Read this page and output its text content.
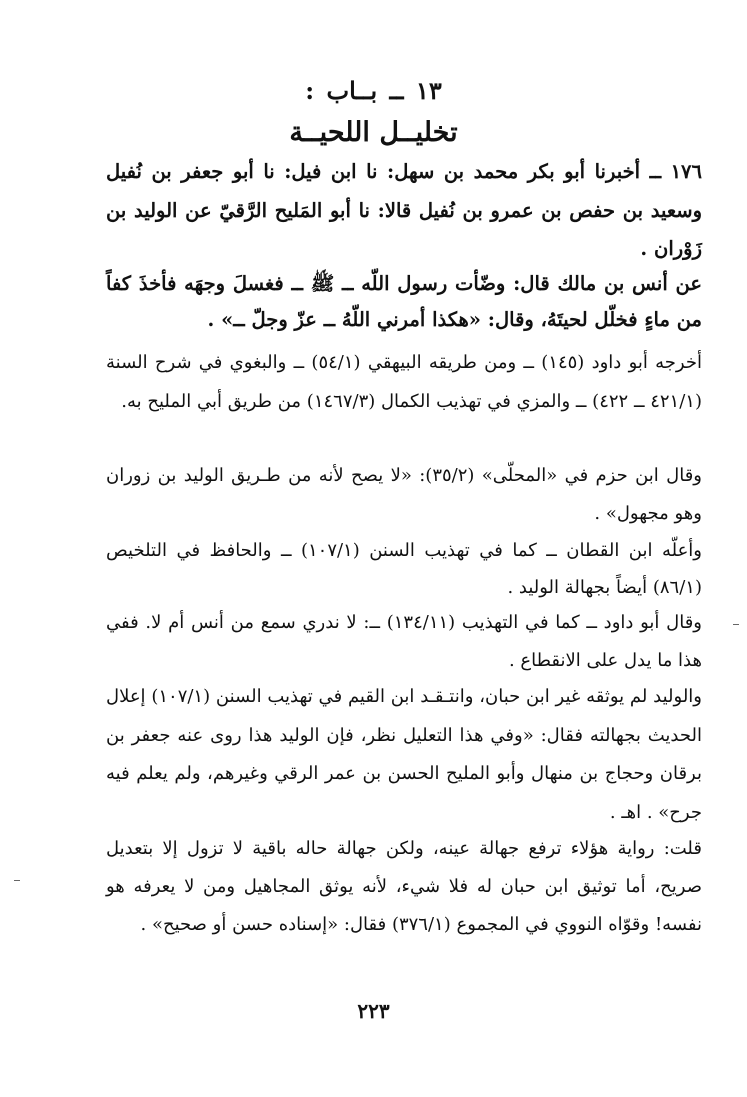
١٣ ــ بــاب :
تخليــل اللحيــة

١٧٦ ــ أخبرنا أبو بكر محمد بن سهل: نا ابن فيل: نا أبو جعفر بن نُفيل وسعيد بن حفص بن عمرو بن نُفيل قالا: نا أبو المَليح الرَّقيّ عن الوليد بن زَوْران .

عن أنس بن مالك قال: وضّأت رسول اللّه ــ ﷺ ــ فغسلَ وجهَه فأخذَ كفاً من ماءٍ فخلّل لحيتَهُ، وقال: «هكذا أمرني اللّهُ ــ عزّ وجلّ ــ» .

أخرجه أبو داود (١٤٥) ــ ومن طريقه البيهقي (٥٤/١) ــ والبغوي في شرح السنة (٤٢١/١ ــ ٤٢٢) ــ والمزي في تهذيب الكمال (١٤٦٧/٣) من طريق أبي المليح به.

وقال ابن حزم في «المحلّى» (٣٥/٢): «لا يصح لأنه من طـريق الوليد بن زوران وهو مجهول» .

وأعلّه ابن القطان ــ كما في تهذيب السنن (١٠٧/١) ــ والحافظ في التلخيص (٨٦/١) أيضاً بجهالة الوليد .

وقال أبو داود ــ كما في التهذيب (١٣٤/١١) ــ: لا ندري سمع من أنس أم لا. ففي هذا ما يدل على الانقطاع .

والوليد لم يوثقه غير ابن حبان، وانتـقـد ابن القيم في تهذيب السنن (١٠٧/١) إعلال الحديث بجهالته فقال: «وفي هذا التعليل نظر، فإن الوليد هذا روى عنه جعفر بن برقان وحجاج بن منهال وأبو المليح الحسن بن عمر الرقي وغيرهم، ولم يعلم فيه جرح» . اهـ .

قلت: رواية هؤلاء ترفع جهالة عينه، ولكن جهالة حاله باقية لا تزول إلا بتعديل صريح، أما توثيق ابن حبان له فلا شيء، لأنه يوثق المجاهيل ومن لا يعرفه هو نفسه! وقوّاه النووي في المجموع (٣٧٦/١) فقال: «إسناده حسن أو صحيح» .

٢٢٣
